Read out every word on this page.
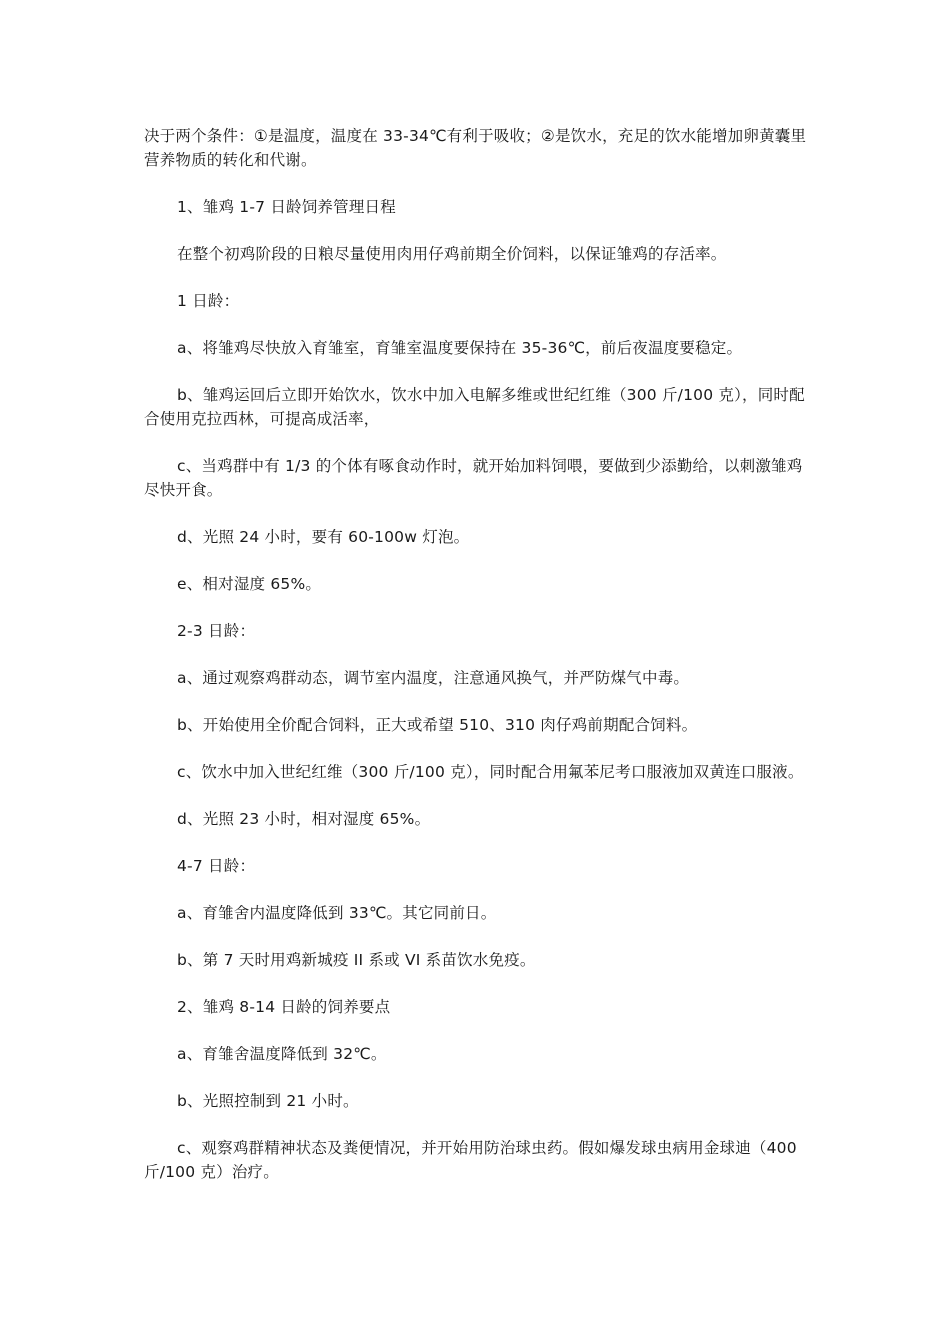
决于两个条件：①是温度，温度在 33-34℃有利于吸收；②是饮水，充足的饮水能增加卵黄囊里营养物质的转化和代谢。

1、雏鸡 1-7 日龄饲养管理日程

在整个初鸡阶段的日粮尽量使用肉用仔鸡前期全价饲料，以保证雏鸡的存活率。

1 日龄：

a、将雏鸡尽快放入育雏室，育雏室温度要保持在 35-36℃，前后夜温度要稳定。

b、雏鸡运回后立即开始饮水，饮水中加入电解多维或世纪红维（300 斤/100 克），同时配合使用克拉西林，可提高成活率，

c、当鸡群中有 1/3 的个体有啄食动作时，就开始加料饲喂，要做到少添勤给，以刺激雏鸡尽快开食。

d、光照 24 小时，要有 60-100w 灯泡。

e、相对湿度 65%。

2-3 日龄：

a、通过观察鸡群动态，调节室内温度，注意通风换气，并严防煤气中毒。

b、开始使用全价配合饲料，正大或希望 510、310 肉仔鸡前期配合饲料。

c、饮水中加入世纪红维（300 斤/100 克），同时配合用氟苯尼考口服液加双黄连口服液。

d、光照 23 小时，相对湿度 65%。

4-7 日龄：

a、育雏舍内温度降低到 33℃。其它同前日。

b、第 7 天时用鸡新城疫 II 系或 VI 系苗饮水免疫。

2、雏鸡 8-14 日龄的饲养要点

a、育雏舍温度降低到 32℃。

b、光照控制到 21 小时。

c、观察鸡群精神状态及粪便情况，并开始用防治球虫药。假如爆发球虫病用金球迪（400 斤/100 克）治疗。
